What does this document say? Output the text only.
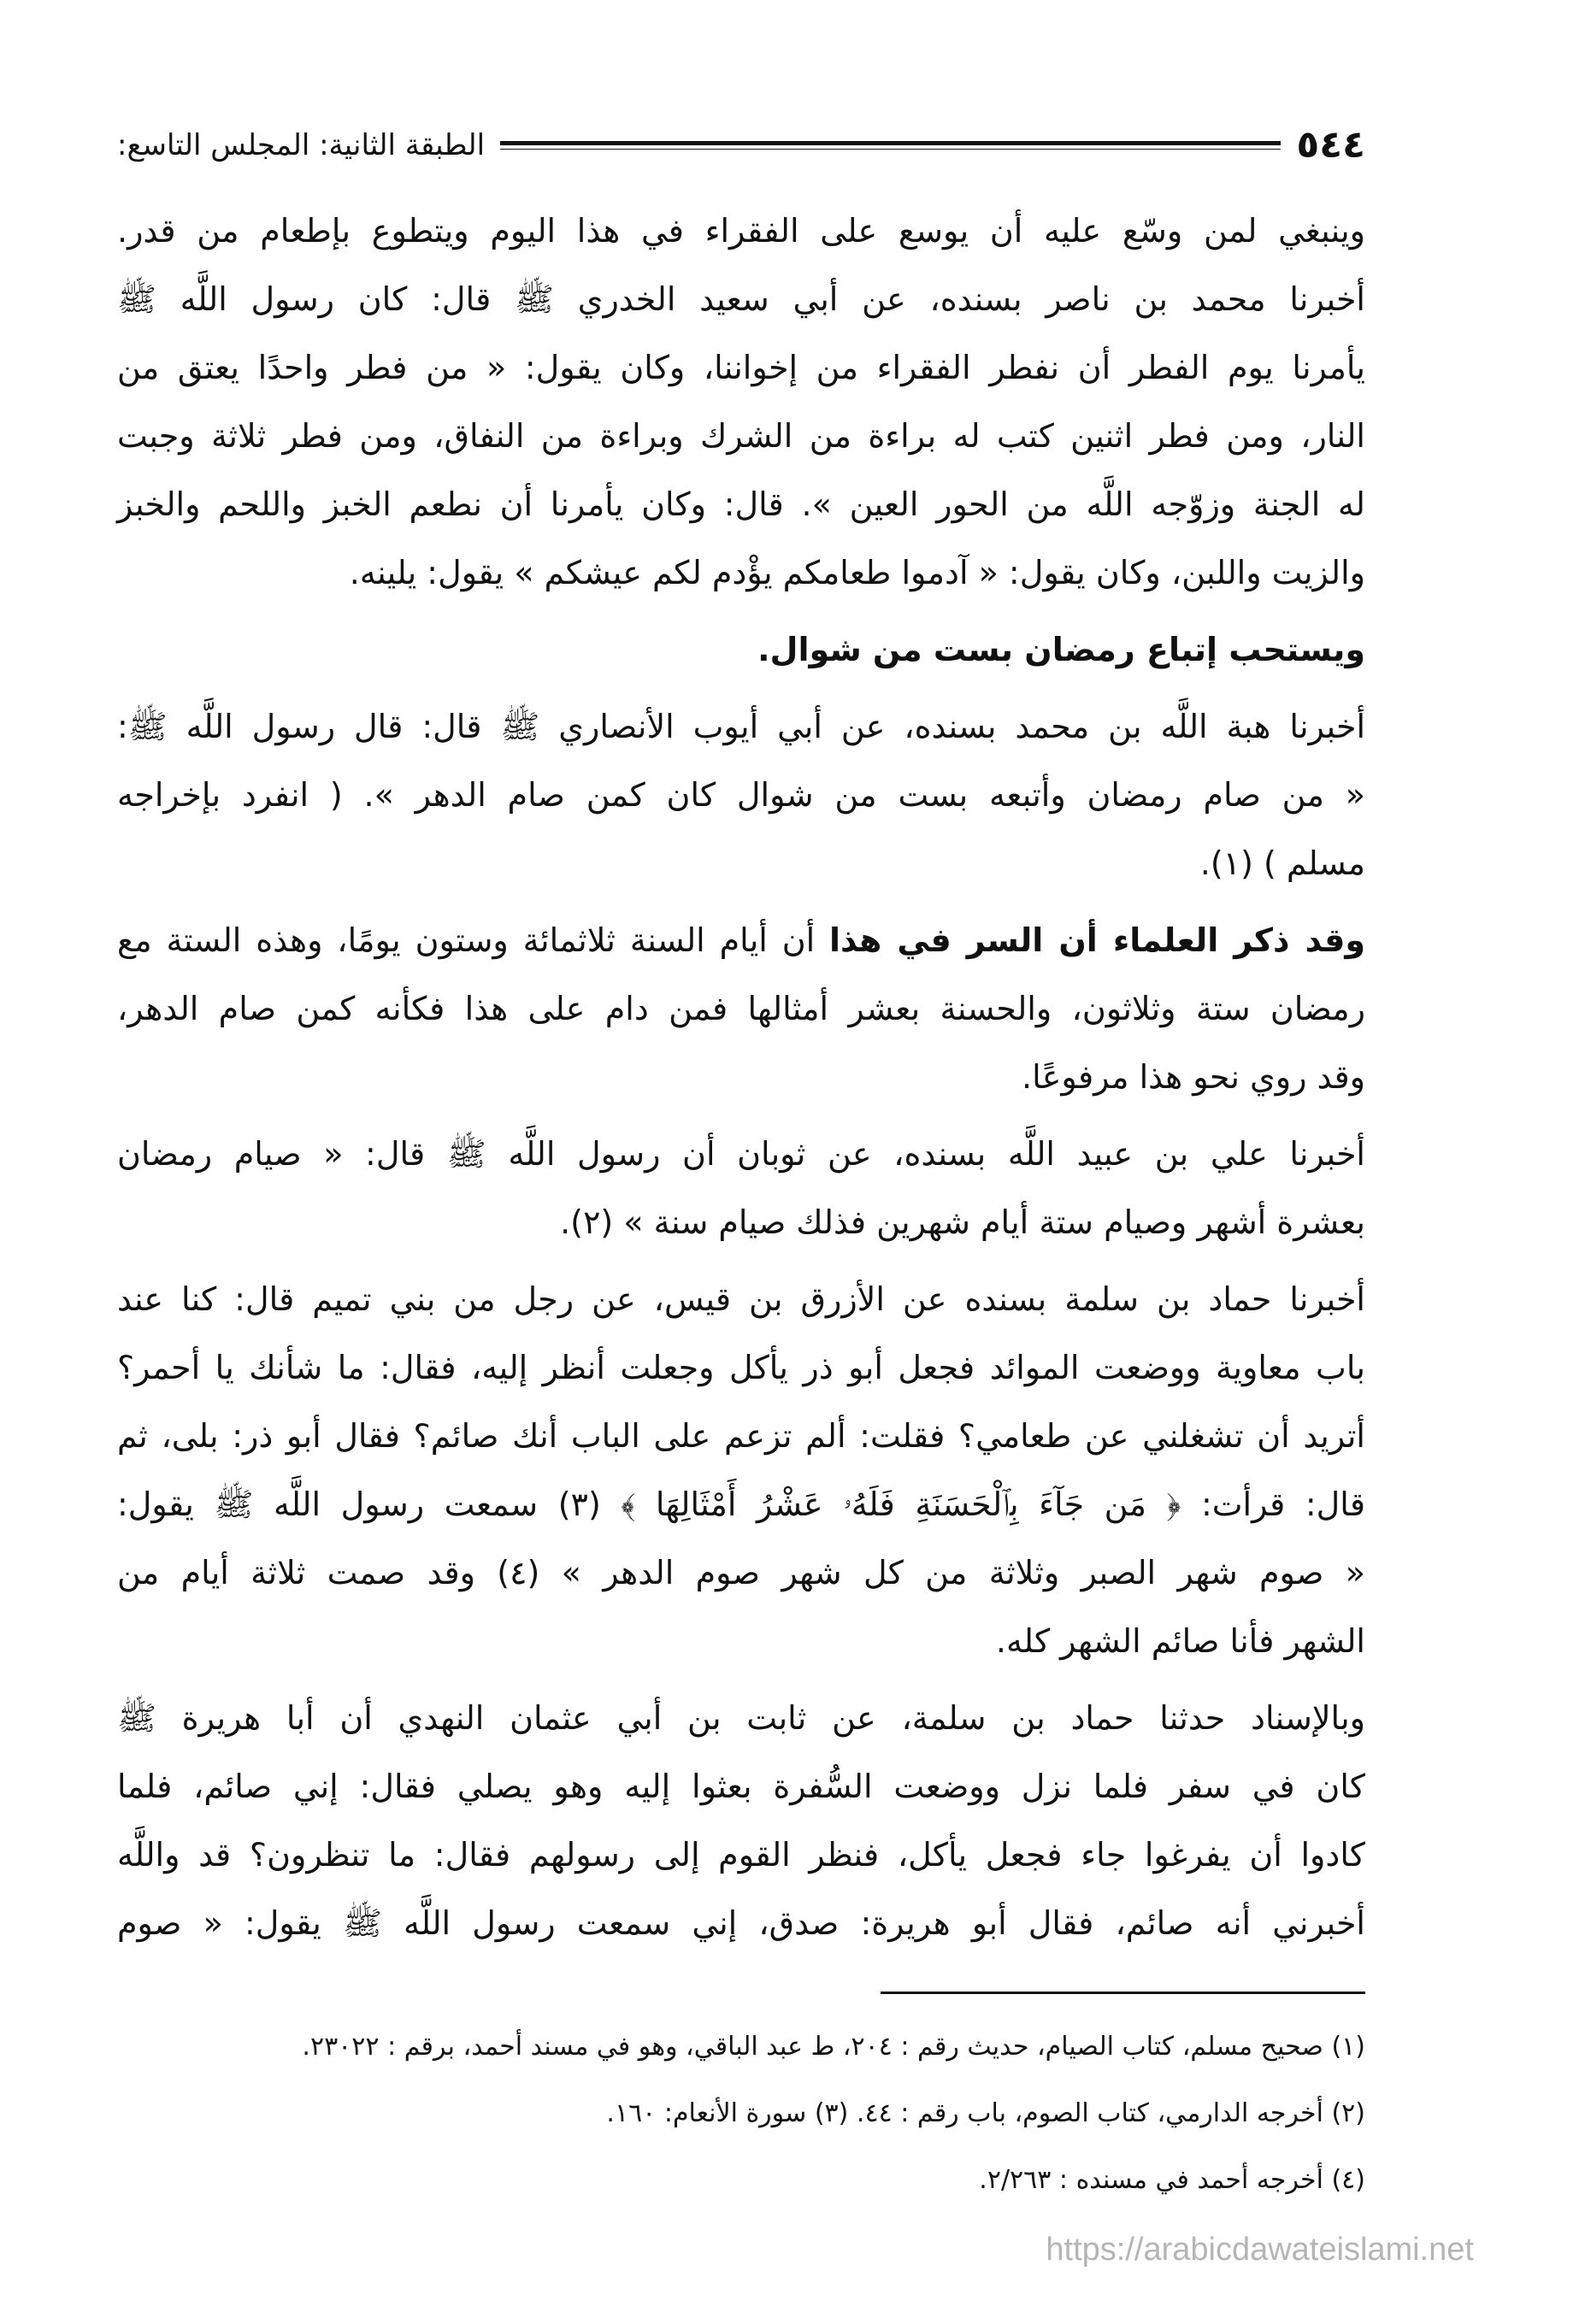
٥٤٤
الطبقة الثانية: المجلس التاسع:
وينبغي لمن وسّع عليه أن يوسع على الفقراء في هذا اليوم ويتطوع بإطعام من قدر.
أخبرنا محمد بن ناصر بسنده، عن أبي سعيد الخدري ﷺ قال: كان رسول اللَّه ﷺ
يأمرنا يوم الفطر أن نفطر الفقراء من إخواننا، وكان يقول: « من فطر واحدًا يعتق من
النار، ومن فطر اثنين كتب له براءة من الشرك وبراءة من النفاق، ومن فطر ثلاثة وجبت
له الجنة وزوّجه اللَّه من الحور العين ». قال: وكان يأمرنا أن نطعم الخبز واللحم والخبز
والزيت واللبن، وكان يقول: « آدموا طعامكم يؤْدم لكم عيشكم » يقول: يلينه.
ويستحب إتباع رمضان بست من شوال.
أخبرنا هبة اللَّه بن محمد بسنده، عن أبي أيوب الأنصاري ﷺ قال: قال رسول اللَّه ﷺ:
« من صام رمضان وأتبعه بست من شوال كان كمن صام الدهر ». ( انفرد بإخراجه
مسلم ) (١).
وقد ذكر العلماء أن السر في هذا أن أيام السنة ثلاثمائة وستون يومًا، وهذه الستة مع
رمضان ستة وثلاثون، والحسنة بعشر أمثالها فمن دام على هذا فكأنه كمن صام الدهر،
وقد روي نحو هذا مرفوعًا.
أخبرنا علي بن عبيد اللَّه بسنده، عن ثوبان أن رسول اللَّه ﷺ قال: « صيام رمضان
بعشرة أشهر وصيام ستة أيام شهرين فذلك صيام سنة » (٢).
أخبرنا حماد بن سلمة بسنده عن الأزرق بن قيس، عن رجل من بني تميم قال: كنا عند
باب معاوية ووضعت الموائد فجعل أبو ذر يأكل وجعلت أنظر إليه، فقال: ما شأنك يا أحمر؟
أتريد أن تشغلني عن طعامي؟ فقلت: ألم تزعم على الباب أنك صائم؟ فقال أبو ذر: بلى، ثم
قال: قرأت: ﴿ مَن جَآءَ بِٱلْحَسَنَةِ فَلَهُۥ عَشْرُ أَمْثَالِهَا ﴾ (٣) سمعت رسول اللَّه ﷺ يقول:
« صوم شهر الصبر وثلاثة من كل شهر صوم الدهر » (٤) وقد صمت ثلاثة أيام من
الشهر فأنا صائم الشهر كله.
وبالإسناد حدثنا حماد بن سلمة، عن ثابت بن أبي عثمان النهدي أن أبا هريرة ﷺ
كان في سفر فلما نزل ووضعت السُّفرة بعثوا إليه وهو يصلي فقال: إني صائم، فلما
كادوا أن يفرغوا جاء فجعل يأكل، فنظر القوم إلى رسولهم فقال: ما تنظرون؟ قد واللَّه
أخبرني أنه صائم، فقال أبو هريرة: صدق، إني سمعت رسول اللَّه ﷺ يقول: « صوم
(١) صحيح مسلم، كتاب الصيام، حديث رقم : ٢٠٤، ط عبد الباقي، وهو في مسند أحمد، برقم : ٢٣٠٢٢.
(٢) أخرجه الدارمي، كتاب الصوم، باب رقم : ٤٤. (٣) سورة الأنعام: ١٦٠.
(٤) أخرجه أحمد في مسنده : ٢/٢٦٣.
https://arabicdawateislami.net
